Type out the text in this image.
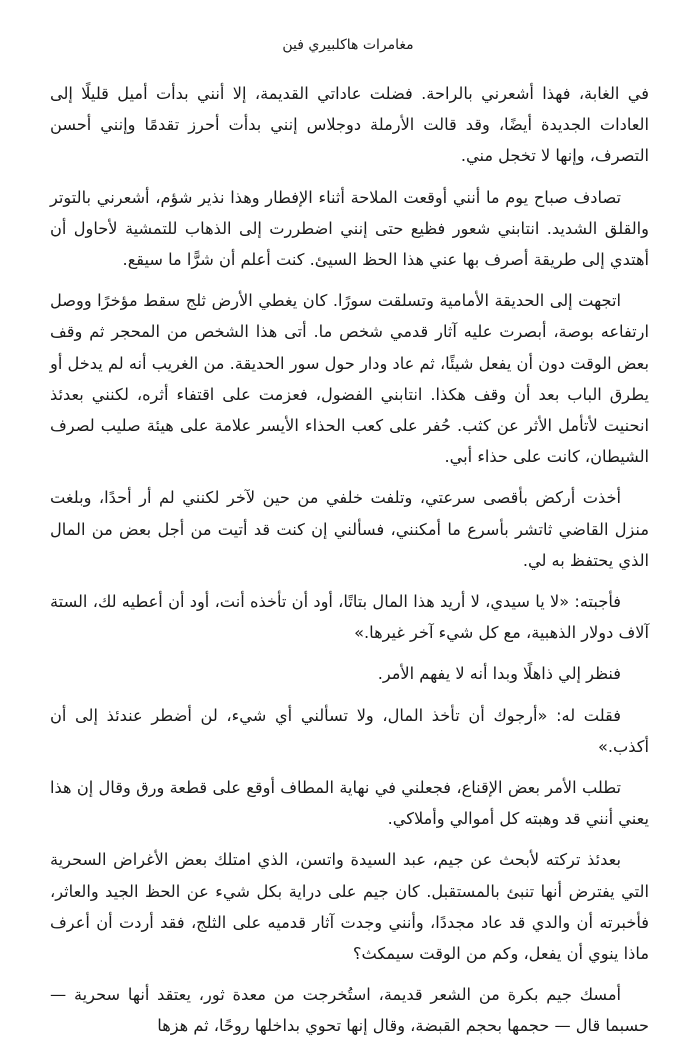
مغامرات هاكلبيري فين

في الغابة، فهذا أشعرني بالراحة. فضلت عاداتي القديمة، إلا أنني بدأت أميل قليلًا إلى العادات الجديدة أيضًا، وقد قالت الأرملة دوجلاس إنني بدأت أحرز تقدمًا وإنني أحسن التصرف، وإنها لا تخجل مني.

تصادف صباح يوم ما أنني أوقعت الملاحة أثناء الإفطار وهذا نذير شؤم، أشعرني بالتوتر والقلق الشديد. انتابني شعور فظيع حتى إنني اضطررت إلى الذهاب للتمشية لأحاول أن أهتدي إلى طريقة أصرف بها عني هذا الحظ السيئ. كنت أعلم أن شرًّا ما سيقع.

اتجهت إلى الحديقة الأمامية وتسلقت سورًا. كان يغطي الأرض ثلج سقط مؤخرًا ووصل ارتفاعه بوصة، أبصرت عليه آثار قدمي شخص ما. أتى هذا الشخص من المحجر ثم وقف بعض الوقت دون أن يفعل شيئًا، ثم عاد ودار حول سور الحديقة. من الغريب أنه لم يدخل أو يطرق الباب بعد أن وقف هكذا. انتابني الفضول، فعزمت على اقتفاء أثره، لكنني بعدئذ انحنيت لأتأمل الأثر عن كثب. حُفر على كعب الحذاء الأيسر علامة على هيئة صليب لصرف الشيطان، كانت على حذاء أبي.

أخذت أركض بأقصى سرعتي، وتلفت خلفي من حين لآخر لكنني لم أر أحدًا، وبلغت منزل القاضي ثاتشر بأسرع ما أمكنني، فسألني إن كنت قد أتيت من أجل بعض من المال الذي يحتفظ به لي.

فأجبته: «لا يا سيدي، لا أريد هذا المال بتاتًا، أود أن تأخذه أنت، أود أن أعطيه لك، الستة آلاف دولار الذهبية، مع كل شيء آخر غيرها.»

فنظر إلي ذاهلًا وبدا أنه لا يفهم الأمر.

فقلت له: «أرجوك أن تأخذ المال، ولا تسألني أي شيء، لن أضطر عندئذ إلى أن أكذب.»

تطلب الأمر بعض الإقناع، فجعلني في نهاية المطاف أوقع على قطعة ورق وقال إن هذا يعني أنني قد وهبته كل أموالي وأملاكي.

بعدئذ تركته لأبحث عن جيم، عبد السيدة واتسن، الذي امتلك بعض الأغراض السحرية التي يفترض أنها تنبئ بالمستقبل. كان جيم على دراية بكل شيء عن الحظ الجيد والعاثر، فأخبرته أن والدي قد عاد مجددًا، وأنني وجدت آثار قدميه على الثلج، فقد أردت أن أعرف ماذا ينوي أن يفعل، وكم من الوقت سيمكث؟

أمسك جيم بكرة من الشعر قديمة، استُخرجت من معدة ثور، يعتقد أنها سحرية — حسبما قال — حجمها بحجم القبضة، وقال إنها تحوي بداخلها روحًا، ثم هزها
